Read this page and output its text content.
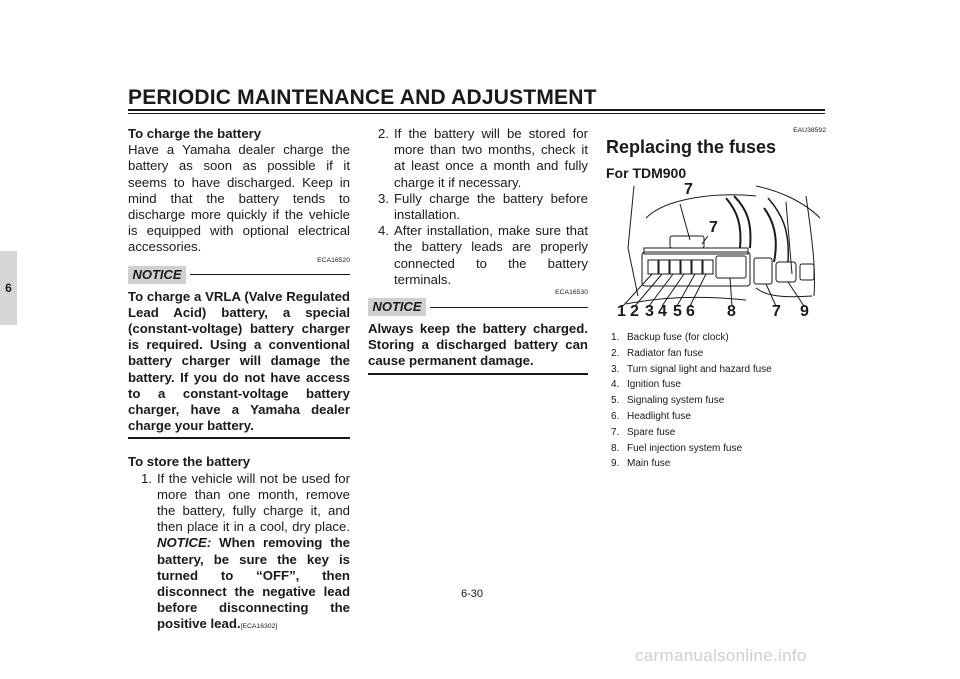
PERIODIC MAINTENANCE AND ADJUSTMENT
6

To charge the battery

Have a Yamaha dealer charge the battery as soon as possible if it seems to have discharged. Keep in mind that the battery tends to discharge more quickly if the vehicle is equipped with optional electrical accessories.

ECA16520
NOTICE

To charge a VRLA (Valve Regulated Lead Acid) battery, a special (constant-voltage) battery charger is required. Using a conventional battery charger will damage the battery. If you do not have access to a constant-voltage battery charger, have a Yamaha dealer charge your battery.

To store the battery

1. If the vehicle will not be used for more than one month, remove the battery, fully charge it, and then place it in a cool, dry place. NOTICE: When removing the battery, be sure the key is turned to “OFF”, then disconnect the negative lead before disconnecting the positive lead.[ECA16302]
2. If the battery will be stored for more than two months, check it at least once a month and fully charge it if necessary.
3. Fully charge the battery before installation.
4. After installation, make sure that the battery leads are properly connected to the battery terminals.
ECA16530
NOTICE

Always keep the battery charged. Storing a discharged battery can cause permanent damage.

EAU38592
Replacing the fuses
For TDM900
7
7
1 2 3 4 5 6 8 7 9
1. Backup fuse (for clock)
2. Radiator fan fuse
3. Turn signal light and hazard fuse
4. Ignition fuse
5. Signaling system fuse
6. Headlight fuse
7. Spare fuse
8. Fuel injection system fuse
9. Main fuse
6-30
carmanualsonline.info
